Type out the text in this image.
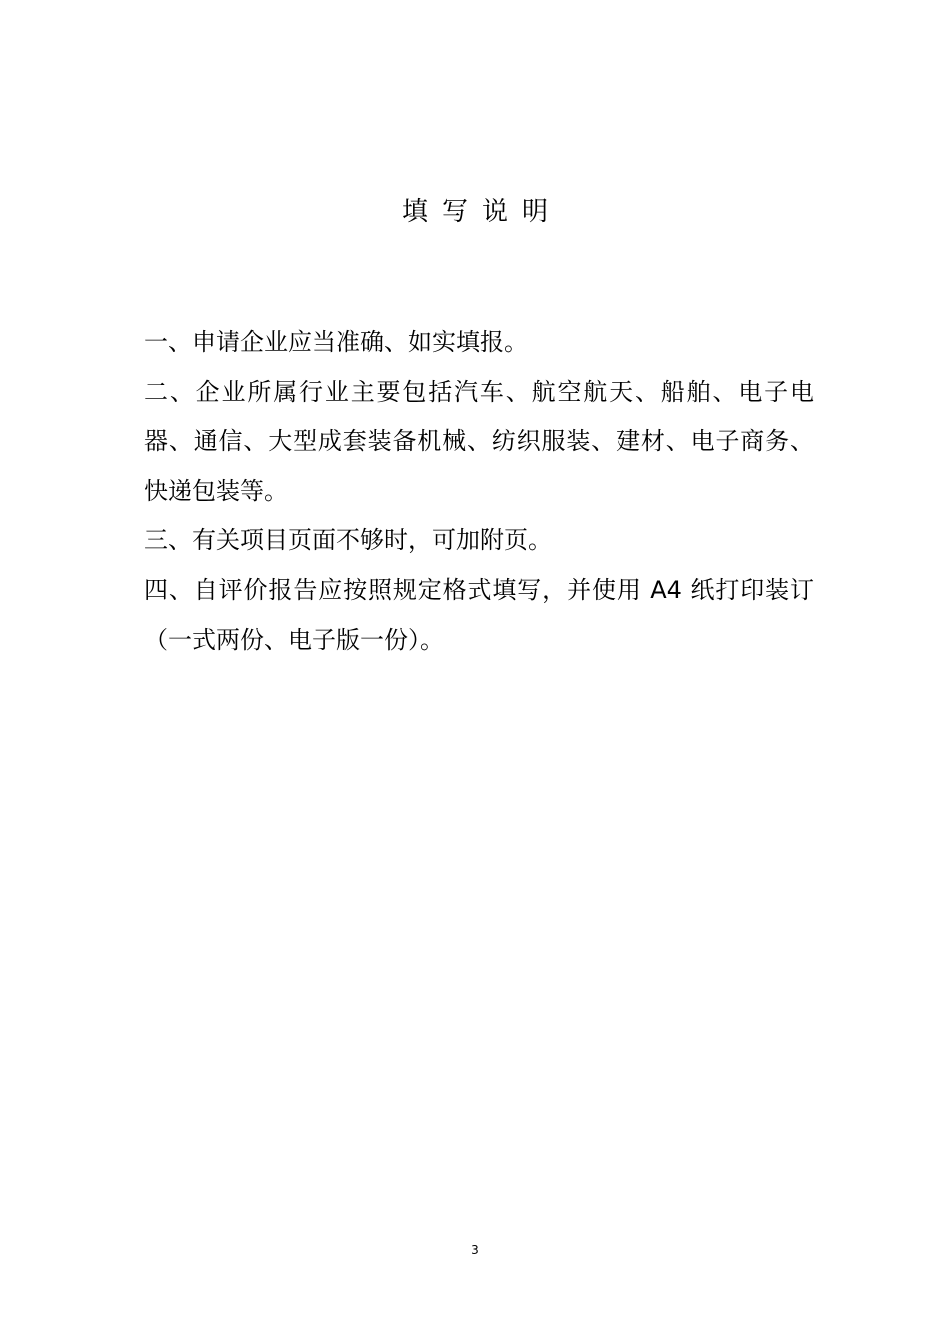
填写说明

一、申请企业应当准确、如实填报。

二、企业所属行业主要包括汽车、航空航天、船舶、电子电器、通信、大型成套装备机械、纺织服装、建材、电子商务、快递包装等。

三、有关项目页面不够时，可加附页。

四、自评价报告应按照规定格式填写，并使用 A4 纸打印装订（一式两份、电子版一份）。

3
